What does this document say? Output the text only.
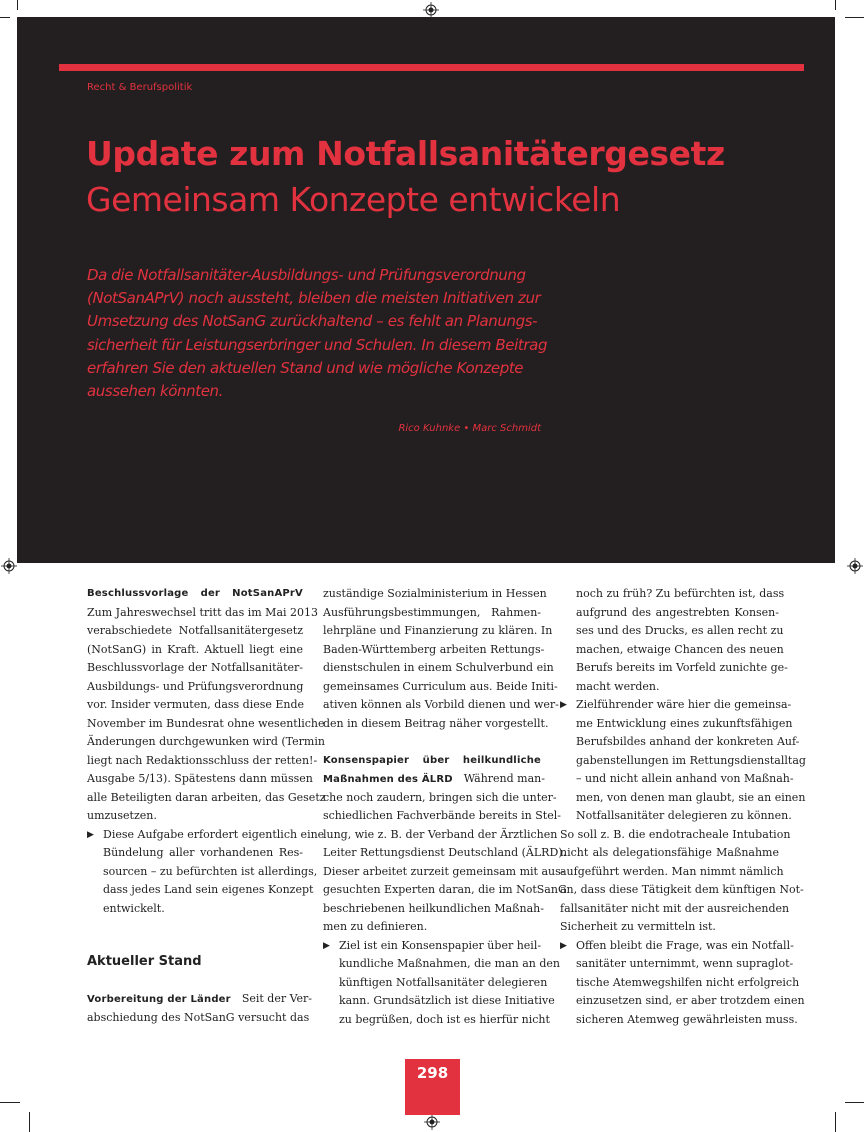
Recht & Berufspolitik
Update zum Notfallsanitätergesetz
Gemeinsam Konzepte entwickeln
Da die Notfallsanitäter-Ausbildungs- und Prüfungsverordnung
(NotSanAPrV) noch aussteht, bleiben die meisten Initiativen zur
Umsetzung des NotSanG zurückhaltend – es fehlt an Planungs-
sicherheit für Leistungserbringer und Schulen. In diesem Beitrag
erfahren Sie den aktuellen Stand und wie mögliche Konzepte
aussehen könnten.
Rico Kuhnke • Marc Schmidt
Beschlussvorlage der NotSanAPrV
Zum Jahreswechsel tritt das im Mai 2013
verabschiedete Notfallsanitätergesetz
(NotSanG) in Kraft. Aktuell liegt eine
Beschlussvorlage der Notfallsanitäter-
Ausbildungs- und Prüfungsverordnung
vor. Insider vermuten, dass diese Ende
November im Bundesrat ohne wesentliche
Änderungen durchgewunken wird (Termin
liegt nach Redaktionsschluss der retten!-
Ausgabe 5/13). Spätestens dann müssen
alle Beteiligten daran arbeiten, das Gesetz
umzusetzen.
▶ Diese Aufgabe erfordert eigentlich eine
Bündelung aller vorhandenen Res-
sourcen – zu befürchten ist allerdings,
dass jedes Land sein eigenes Konzept
entwickelt.
Aktueller Stand
Vorbereitung der Länder  Seit der Ver-
abschiedung des NotSanG versucht das
zuständige Sozialministerium in Hessen
Ausführungsbestimmungen, Rahmen-
lehrpläne und Finanzierung zu klären. In
Baden-Württemberg arbeiten Rettungs-
dienstschulen in einem Schulverbund ein
gemeinsames Curriculum aus. Beide Initi-
ativen können als Vorbild dienen und wer-
den in diesem Beitrag näher vorgestellt.
Konsenspapier über heilkundliche
Maßnahmen des ÄLRD  Während man-
che noch zaudern, bringen sich die unter-
schiedlichen Fachverbände bereits in Stel-
lung, wie z. B. der Verband der Ärztlichen
Leiter Rettungsdienst Deutschland (ÄLRD).
Dieser arbeitet zurzeit gemeinsam mit aus-
gesuchten Experten daran, die im NotSanG
beschriebenen heilkundlichen Maßnah-
men zu definieren.
▶ Ziel ist ein Konsenspapier über heil-
kundliche Maßnahmen, die man an den
künftigen Notfallsanitäter delegieren
kann. Grundsätzlich ist diese Initiative
zu begrüßen, doch ist es hierfür nicht
noch zu früh? Zu befürchten ist, dass
aufgrund des angestrebten Konsen-
ses und des Drucks, es allen recht zu
machen, etwaige Chancen des neuen
Berufs bereits im Vorfeld zunichte ge-
macht werden.
▶ Zielführender wäre hier die gemeinsa-
me Entwicklung eines zukunftsfähigen
Berufsbildes anhand der konkreten Auf-
gabenstellungen im Rettungsdienstalltag
– und nicht allein anhand von Maßnah-
men, von denen man glaubt, sie an einen
Notfallsanitäter delegieren zu können.
So soll z. B. die endotracheale Intubation
nicht als delegationsfähige Maßnahme
aufgeführt werden. Man nimmt nämlich
an, dass diese Tätigkeit dem künftigen Not-
fallsanitäter nicht mit der ausreichenden
Sicherheit zu vermitteln ist.
▶ Offen bleibt die Frage, was ein Notfall-
sanitäter unternimmt, wenn supraglot-
tische Atemwegshilfen nicht erfolgreich
einzusetzen sind, er aber trotzdem einen
sicheren Atemweg gewährleisten muss.
298
